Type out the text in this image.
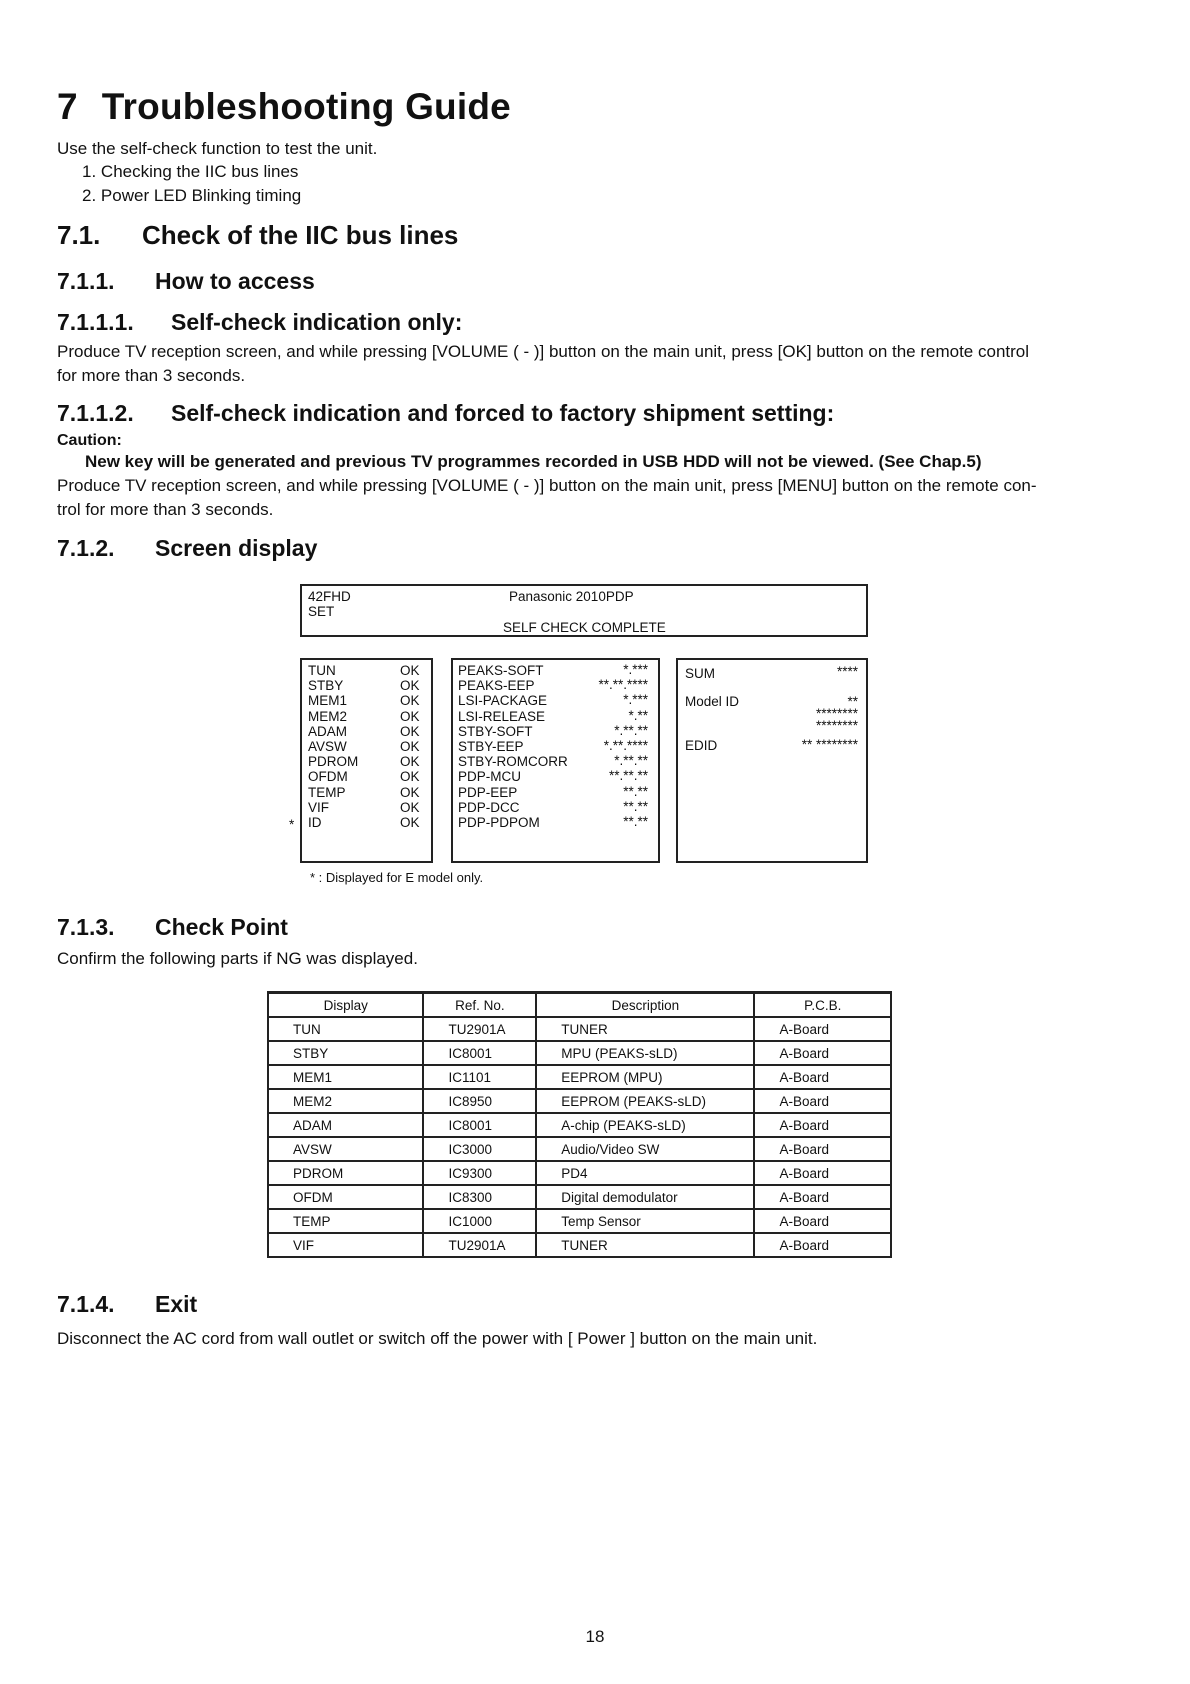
7 Troubleshooting Guide
Use the self-check function to test the unit.
1. Checking the IIC bus lines
2. Power LED Blinking timing
7.1. Check of the IIC bus lines
7.1.1. How to access
7.1.1.1. Self-check indication only:
Produce TV reception screen, and while pressing [VOLUME ( - )] button on the main unit, press [OK] button on the remote control
for more than 3 seconds.
7.1.1.2. Self-check indication and forced to factory shipment setting:
Caution:
New key will be generated and previous TV programmes recorded in USB HDD will not be viewed. (See Chap.5)
Produce TV reception screen, and while pressing [VOLUME ( - )] button on the main unit, press [MENU] button on the remote con-
trol for more than 3 seconds.
7.1.2. Screen display
42FHD
SET
Panasonic 2010PDP
SELF CHECK COMPLETE
TUN	OK
STBY	OK
MEM1	OK
MEM2	OK
ADAM	OK
AVSW	OK
PDROM	OK
OFDM	OK
TEMP	OK
VIF	OK
ID	OK
PEAKS-SOFT	*.***
PEAKS-EEP	**.**.****
LSI-PACKAGE	*.***
LSI-RELEASE	*.**
STBY-SOFT	*.**.**
STBY-EEP	*.**.****
STBY-ROMCORR	*.**.**
PDP-MCU	**.**.**
PDP-EEP	**.**
PDP-DCC	**.**
PDP-PDPOM	**.**
SUM	****
Model ID	**
********
********
EDID	** ********
*
* : Displayed for E model only.
7.1.3. Check Point
Confirm the following parts if NG was displayed.
Display	Ref. No.	Description	P.C.B.
TUN	TU2901A	TUNER	A-Board
STBY	IC8001	MPU (PEAKS-sLD)	A-Board
MEM1	IC1101	EEPROM (MPU)	A-Board
MEM2	IC8950	EEPROM (PEAKS-sLD)	A-Board
ADAM	IC8001	A-chip (PEAKS-sLD)	A-Board
AVSW	IC3000	Audio/Video SW	A-Board
PDROM	IC9300	PD4	A-Board
OFDM	IC8300	Digital demodulator	A-Board
TEMP	IC1000	Temp Sensor	A-Board
VIF	TU2901A	TUNER	A-Board
7.1.4. Exit
Disconnect the AC cord from wall outlet or switch off the power with [ Power ] button on the main unit.
18
